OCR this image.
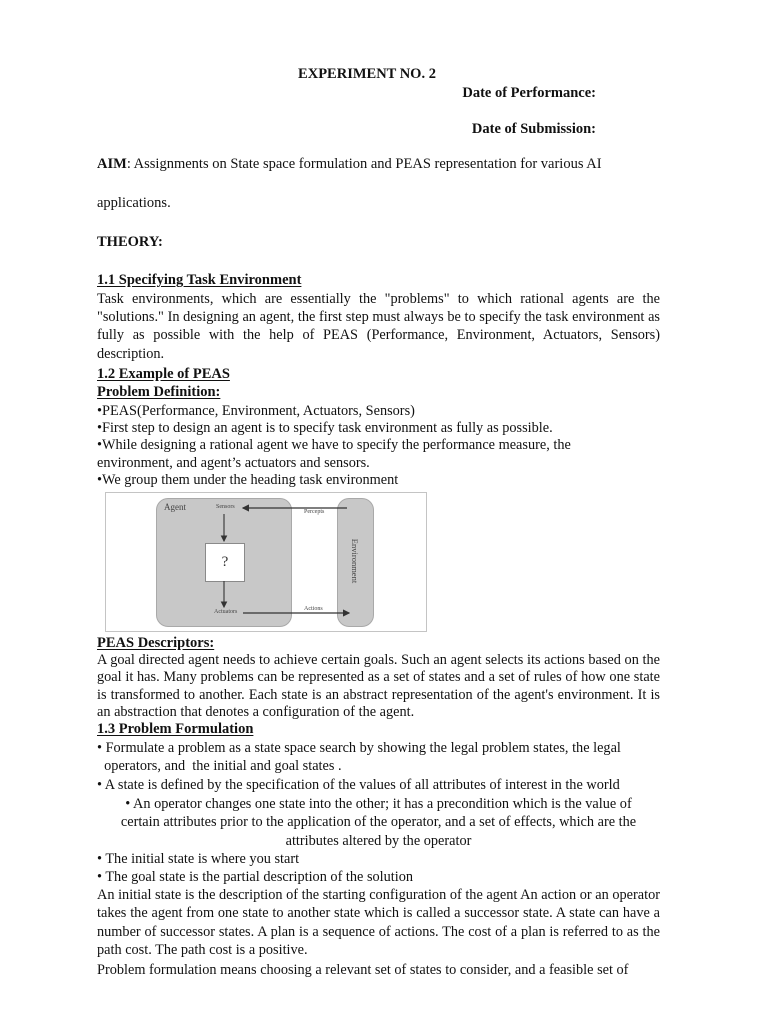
EXPERIMENT NO. 2
Date of Performance:
Date of Submission:
AIM: Assignments on State space formulation and PEAS representation for various AI
applications.
THEORY:
1.1 Specifying Task Environment
Task environments, which are essentially the "problems" to which rational agents are the "solutions." In designing an agent, the first step must always be to specify the task environment as fully as possible with the help of PEAS (Performance, Environment, Actuators, Sensors) description.
1.2 Example of PEAS
Problem Definition:
•PEAS(Performance, Environment, Actuators, Sensors)
•First step to design an agent is to specify task environment as fully as possible.
•While designing a rational agent we have to specify the performance measure, the
environment, and agent’s actuators and sensors.
•We group them under the heading task environment
Agent	Sensors
Percepts
?
Actuators	Actions
Environment
PEAS Descriptors:
A goal directed agent needs to achieve certain goals. Such an agent selects its actions based on the goal it has. Many problems can be represented as a set of states and a set of rules of how one state is transformed to another. Each state is an abstract representation of the agent's environment. It is an abstraction that denotes a configuration of the agent.
1.3 Problem Formulation
• Formulate a problem as a state space search by showing the legal problem states, the legal
operators, and  the initial and goal states .
• A state is defined by the specification of the values of all attributes of interest in the world
• An operator changes one state into the other; it has a precondition which is the value of
certain attributes prior to the application of the operator, and a set of effects, which are the
attributes altered by the operator
• The initial state is where you start
• The goal state is the partial description of the solution
An initial state is the description of the starting configuration of the agent An action or an operator takes the agent from one state to another state which is called a successor state. A state can have a number of successor states. A plan is a sequence of actions. The cost of a plan is referred to as the path cost. The path cost is a positive.
Problem formulation means choosing a relevant set of states to consider, and a feasible set of
